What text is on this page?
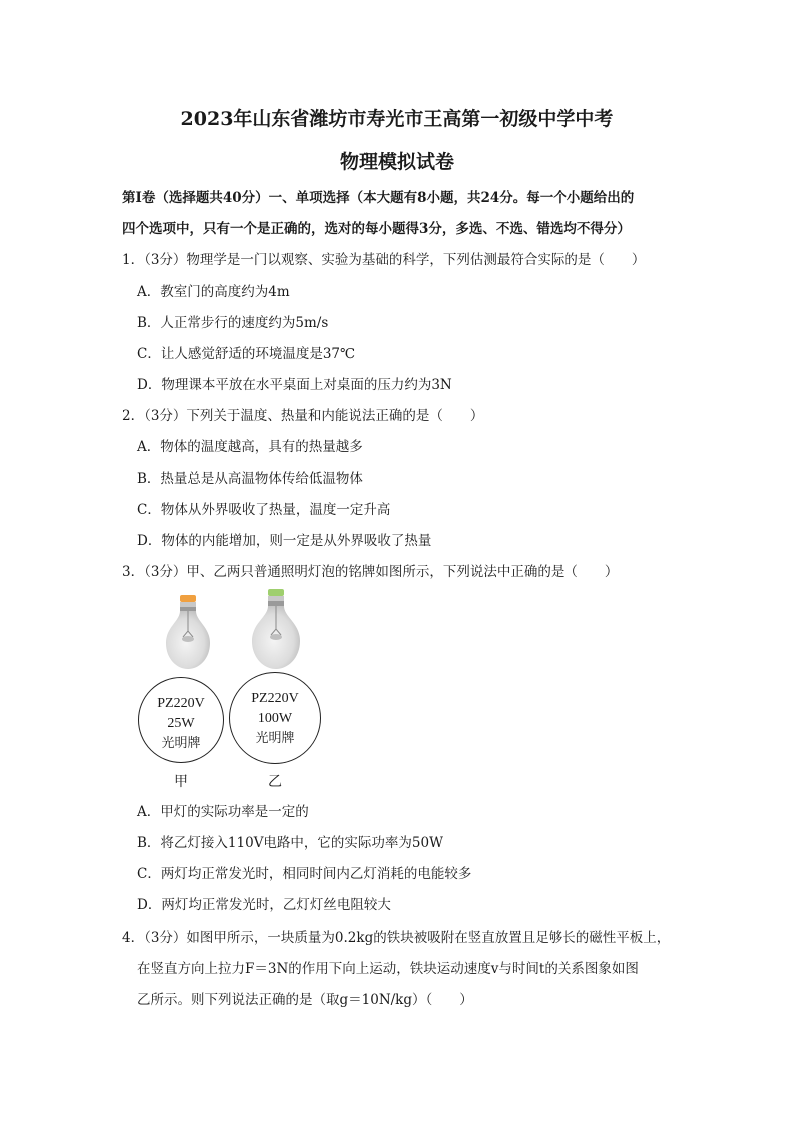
2023年山东省潍坊市寿光市王高第一初级中学中考
物理模拟试卷
第Ⅰ卷（选择题共40分）一、单项选择（本大题有8小题，共24分。每一个小题给出的
四个选项中，只有一个是正确的，选对的每小题得3分，多选、不选、错选均不得分）
1．（3分）物理学是一门以观察、实验为基础的科学，下列估测最符合实际的是（　　）
A．教室门的高度约为4m
B．人正常步行的速度约为5m/s
C．让人感觉舒适的环境温度是37℃
D．物理课本平放在水平桌面上对桌面的压力约为3N
2．（3分）下列关于温度、热量和内能说法正确的是（　　）
A．物体的温度越高，具有的热量越多
B．热量总是从高温物体传给低温物体
C．物体从外界吸收了热量，温度一定升高
D．物体的内能增加，则一定是从外界吸收了热量
3．（3分）甲、乙两只普通照明灯泡的铭牌如图所示，下列说法中正确的是（　　）
PZ220V
25W
光明牌
PZ220V
100W
光明牌
甲	乙
A．甲灯的实际功率是一定的
B．将乙灯接入110V电路中，它的实际功率为50W
C．两灯均正常发光时，相同时间内乙灯消耗的电能较多
D．两灯均正常发光时，乙灯灯丝电阻较大
4．（3分）如图甲所示，一块质量为0.2kg的铁块被吸附在竖直放置且足够长的磁性平板上，
在竖直方向上拉力F＝3N的作用下向上运动，铁块运动速度v与时间t的关系图象如图
乙所示。则下列说法正确的是（取g＝10N/kg）（　　）
